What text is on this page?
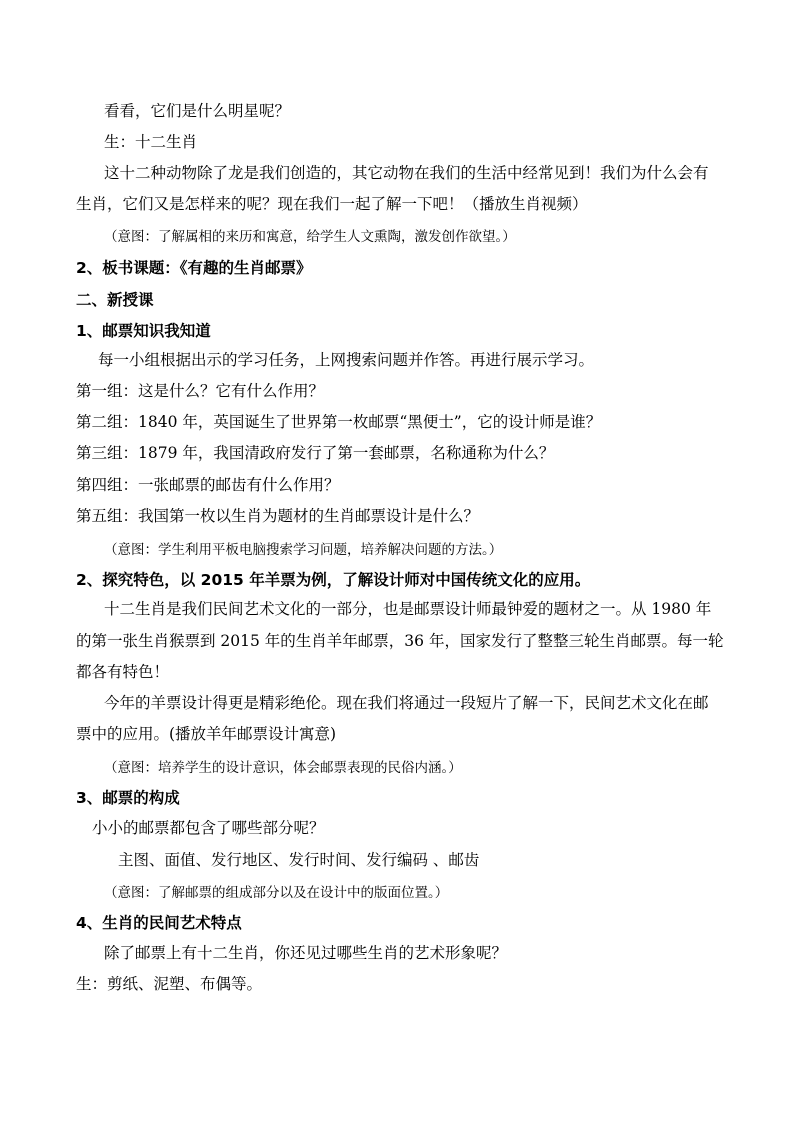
看看，它们是什么明星呢？
生：十二生肖
这十二种动物除了龙是我们创造的，其它动物在我们的生活中经常见到！我们为什么会有
生肖，它们又是怎样来的呢？现在我们一起了解一下吧！（播放生肖视频）
（意图：了解属相的来历和寓意，给学生人文熏陶，激发创作欲望。）
2、板书课题：《有趣的生肖邮票》
二、新授课
1、邮票知识我知道
每一小组根据出示的学习任务，上网搜索问题并作答。再进行展示学习。
第一组：这是什么？它有什么作用？
第二组：1840 年，英国诞生了世界第一枚邮票“黑便士”，它的设计师是谁？
第三组：1879 年，我国清政府发行了第一套邮票，名称通称为什么？
第四组：一张邮票的邮齿有什么作用？
第五组：我国第一枚以生肖为题材的生肖邮票设计是什么？
（意图：学生利用平板电脑搜索学习问题，培养解决问题的方法。）
2、探究特色，以 2015 年羊票为例，了解设计师对中国传统文化的应用。
十二生肖是我们民间艺术文化的一部分，也是邮票设计师最钟爱的题材之一。从 1980 年
的第一张生肖猴票到 2015 年的生肖羊年邮票，36 年，国家发行了整整三轮生肖邮票。每一轮
都各有特色！
今年的羊票设计得更是精彩绝伦。现在我们将通过一段短片了解一下，民间艺术文化在邮
票中的应用。(播放羊年邮票设计寓意)
（意图：培养学生的设计意识，体会邮票表现的民俗内涵。）
3、邮票的构成
小小的邮票都包含了哪些部分呢？
主图、面值、发行地区、发行时间、发行编码 、邮齿
（意图：了解邮票的组成部分以及在设计中的版面位置。）
4、生肖的民间艺术特点
除了邮票上有十二生肖，你还见过哪些生肖的艺术形象呢？
生：剪纸、泥塑、布偶等。
